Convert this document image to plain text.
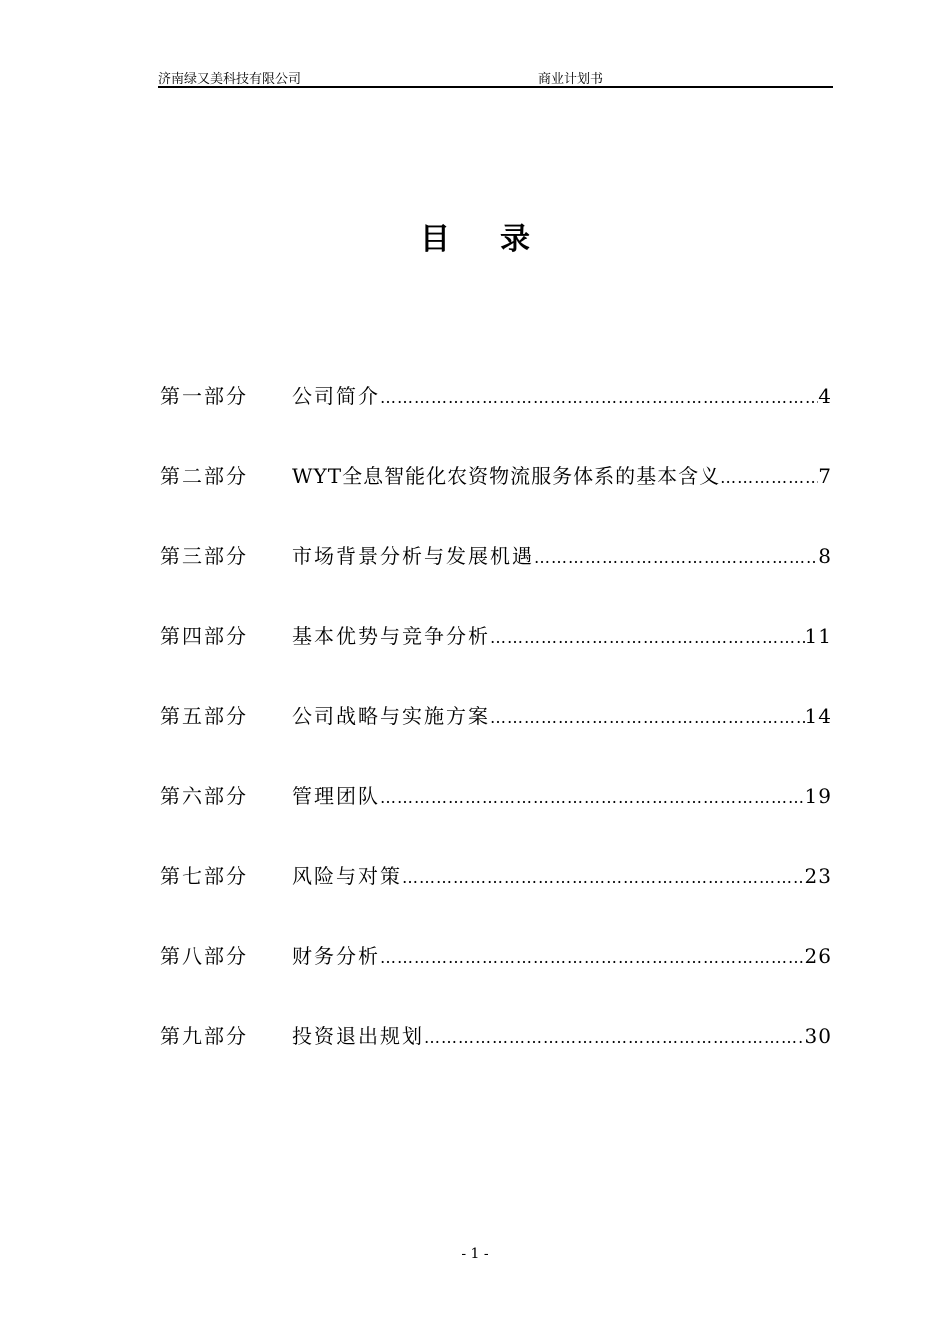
济南绿又美科技有限公司	商业计划书
目录
第一部分	公司简介 …………………………………………………………………………………………………………	4
第二部分	WYT全息智能化农资物流服务体系的基本含义 …………………………………………………………………………………………………………	7
第三部分	市场背景分析与发展机遇 …………………………………………………………………………………………………………	8
第四部分	基本优势与竞争分析 …………………………………………………………………………………………………………	11
第五部分	公司战略与实施方案 …………………………………………………………………………………………………………	14
第六部分	管理团队 …………………………………………………………………………………………………………	19
第七部分	风险与对策 …………………………………………………………………………………………………………	23
第八部分	财务分析 …………………………………………………………………………………………………………	26
第九部分	投资退出规划 …………………………………………………………………………………………………………	30
- 1 -
